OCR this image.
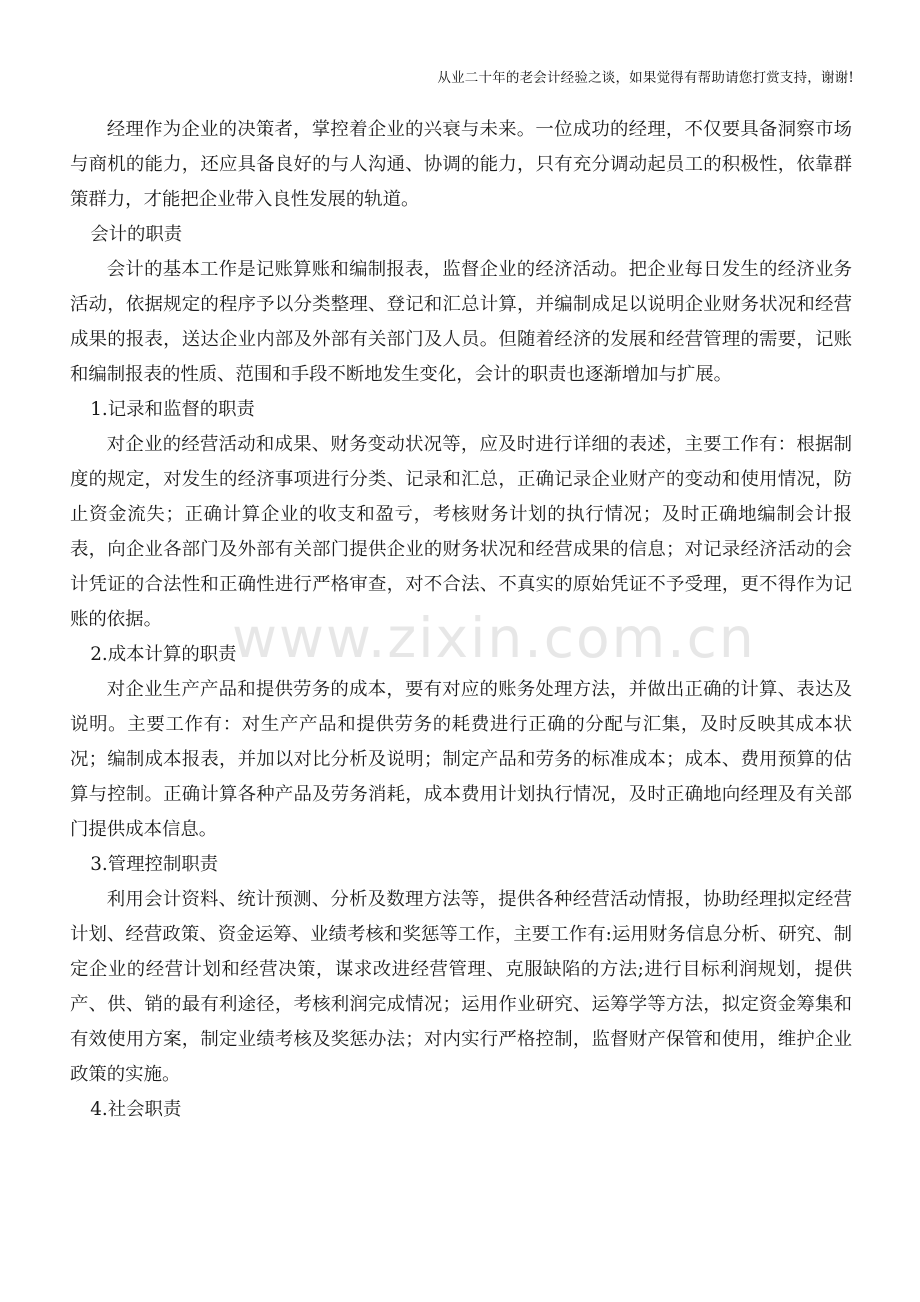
从业二十年的老会计经验之谈，如果觉得有帮助请您打赏支持，谢谢!

经理作为企业的决策者，掌控着企业的兴衰与未来。一位成功的经理，不仅要具备洞察市场与商机的能力，还应具备良好的与人沟通、协调的能力，只有充分调动起员工的积极性，依靠群策群力，才能把企业带入良性发展的轨道。

会计的职责

会计的基本工作是记账算账和编制报表，监督企业的经济活动。把企业每日发生的经济业务活动，依据规定的程序予以分类整理、登记和汇总计算，并编制成足以说明企业财务状况和经营成果的报表，送达企业内部及外部有关部门及人员。但随着经济的发展和经营管理的需要，记账和编制报表的性质、范围和手段不断地发生变化，会计的职责也逐渐增加与扩展。

1.记录和监督的职责

对企业的经营活动和成果、财务变动状况等，应及时进行详细的表述，主要工作有：根据制度的规定，对发生的经济事项进行分类、记录和汇总，正确记录企业财产的变动和使用情况，防止资金流失；正确计算企业的收支和盈亏，考核财务计划的执行情况；及时正确地编制会计报表，向企业各部门及外部有关部门提供企业的财务状况和经营成果的信息；对记录经济活动的会计凭证的合法性和正确性进行严格审查，对不合法、不真实的原始凭证不予受理，更不得作为记账的依据。

2.成本计算的职责

对企业生产产品和提供劳务的成本，要有对应的账务处理方法，并做出正确的计算、表达及说明。主要工作有：对生产产品和提供劳务的耗费进行正确的分配与汇集，及时反映其成本状况；编制成本报表，并加以对比分析及说明；制定产品和劳务的标准成本；成本、费用预算的估算与控制。正确计算各种产品及劳务消耗，成本费用计划执行情况，及时正确地向经理及有关部门提供成本信息。

3.管理控制职责

利用会计资料、统计预测、分析及数理方法等，提供各种经营活动情报，协助经理拟定经营计划、经营政策、资金运筹、业绩考核和奖惩等工作，主要工作有:运用财务信息分析、研究、制定企业的经营计划和经营决策，谋求改进经营管理、克服缺陷的方法;进行目标利润规划，提供产、供、销的最有利途径，考核利润完成情况；运用作业研究、运筹学等方法，拟定资金筹集和有效使用方案，制定业绩考核及奖惩办法；对内实行严格控制，监督财产保管和使用，维护企业政策的实施。

4.社会职责

www.zixin.com.cn
